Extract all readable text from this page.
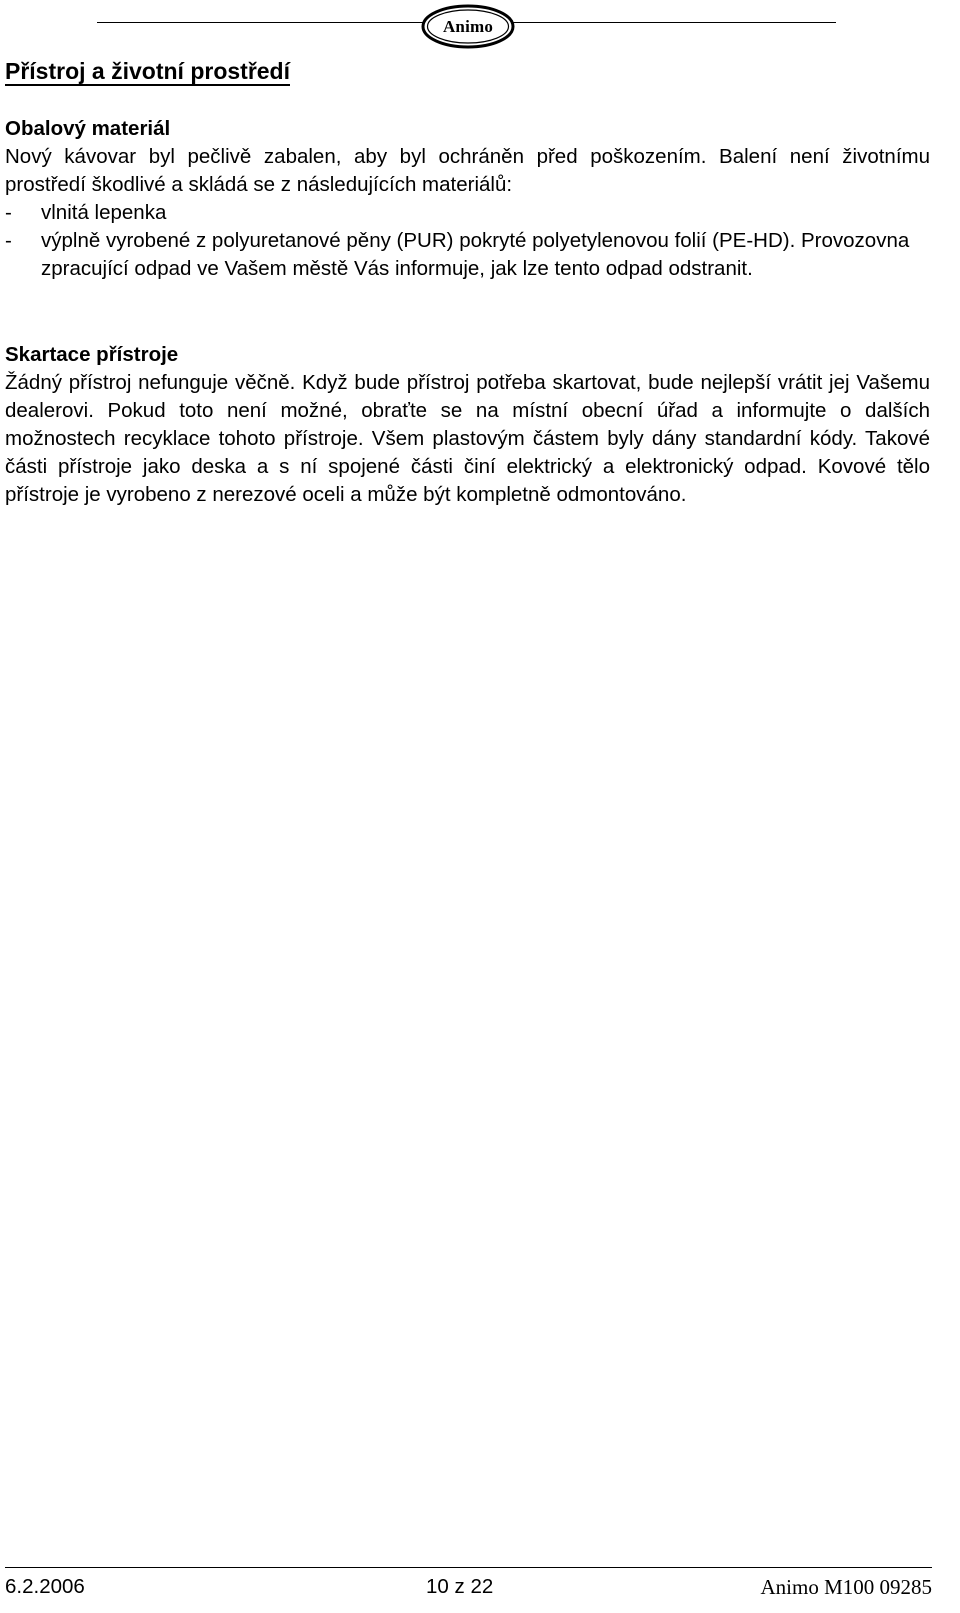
Animo
Přístroj a životní prostředí
Obalový materiál
Nový kávovar byl pečlivě zabalen, aby byl ochráněn před poškozením. Balení není životnímu prostředí škodlivé a skládá se z následujících materiálů:
- vlnitá lepenka
- výplně vyrobené z polyuretanové pěny (PUR) pokryté polyetylenovou folií (PE-HD). Provozovna zpracující odpad ve Vašem městě Vás informuje, jak lze tento odpad odstranit.
Skartace přístroje
Žádný přístroj nefunguje věčně. Když bude přístroj potřeba skartovat, bude nejlepší vrátit jej Vašemu dealerovi. Pokud toto není možné, obraťte se na místní obecní úřad a informujte o dalších možnostech recyklace tohoto přístroje. Všem plastovým částem byly dány standardní kódy. Takové části přístroje jako deska a s ní spojené části činí elektrický a elektronický odpad. Kovové tělo přístroje je vyrobeno z nerezové oceli a může být kompletně odmontováno.
6.2.2006	10 z 22	Animo M100 09285
